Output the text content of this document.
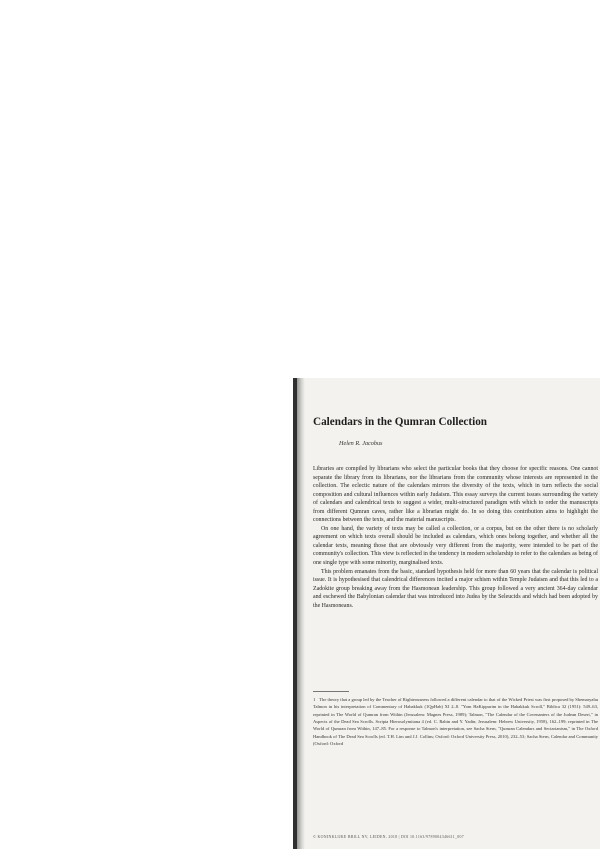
Calendars in the Qumran Collection

Helen R. Jacobus

Libraries are compiled by librarians who select the particular books that they choose for specific reasons. One cannot separate the library from its librarians, nor the librarians from the community whose interests are represented in the collection. The eclectic nature of the calendars mirrors the diversity of the texts, which in turn reflects the social composition and cultural influences within early Judaism. This essay surveys the current issues surrounding the variety of calendars and calendrical texts to suggest a wider, multi-structured paradigm with which to order the manuscripts from different Qumran caves, rather like a librarian might do. In so doing this contribution aims to highlight the connections between the texts, and the material manuscripts.

On one hand, the variety of texts may be called a collection, or a corpus, but on the other there is no scholarly agreement on which texts overall should be included as calendars, which ones belong together, and whether all the calendar texts, meaning those that are obviously very different from the majority, were intended to be part of the community's collection. This view is reflected in the tendency in modern scholarship to refer to the calendars as being of one single type with some minority, marginalised texts.

This problem emanates from the basic, standard hypothesis held for more than 60 years that the calendar is political issue. It is hypothesised that calendrical differences incited a major schism within Temple Judaism and that this led to a Zadokite group breaking away from the Hasmonean leadership. This group followed a very ancient 364-day calendar and eschewed the Babylonian calendar that was introduced into Judea by the Seleucids and which had been adopted by the Hasmoneans.

1 The theory that a group led by the Teacher of Righteousness followed a different calendar to that of the Wicked Priest was first proposed by Shemaryahu Talmon in his interpretation of Commentary of Habakkuk (1QpHab) XI 2–8. "Yom HaKippurim in the Habakkuk Scroll," Biblica 32 (1951): 549–63, reprinted in The World of Qumran from Within (Jerusalem: Magnes Press, 1989); Talmon, "The Calendar of the Covenanters of the Judean Desert," in Aspects of the Dead Sea Scrolls. Scripta Hierosolymitana 4 (ed. C. Rabin and Y. Yadin; Jerusalem: Hebrew University, 1958), 162–199; reprinted in The World of Qumran from Within, 147–85. For a response to Talmon's interpretation, see Sacha Stern, "Qumran Calendars and Sectarianism," in The Oxford Handbook of The Dead Sea Scrolls (ed. T.H. Lim and J.J. Collins; Oxford: Oxford University Press, 2010), 232–53; Sacha Stern, Calendar and Community (Oxford: Oxford

© KONINKLIJKE BRILL NV, LEIDEN, 2018 | DOI 10.1163/9789004346611_007
